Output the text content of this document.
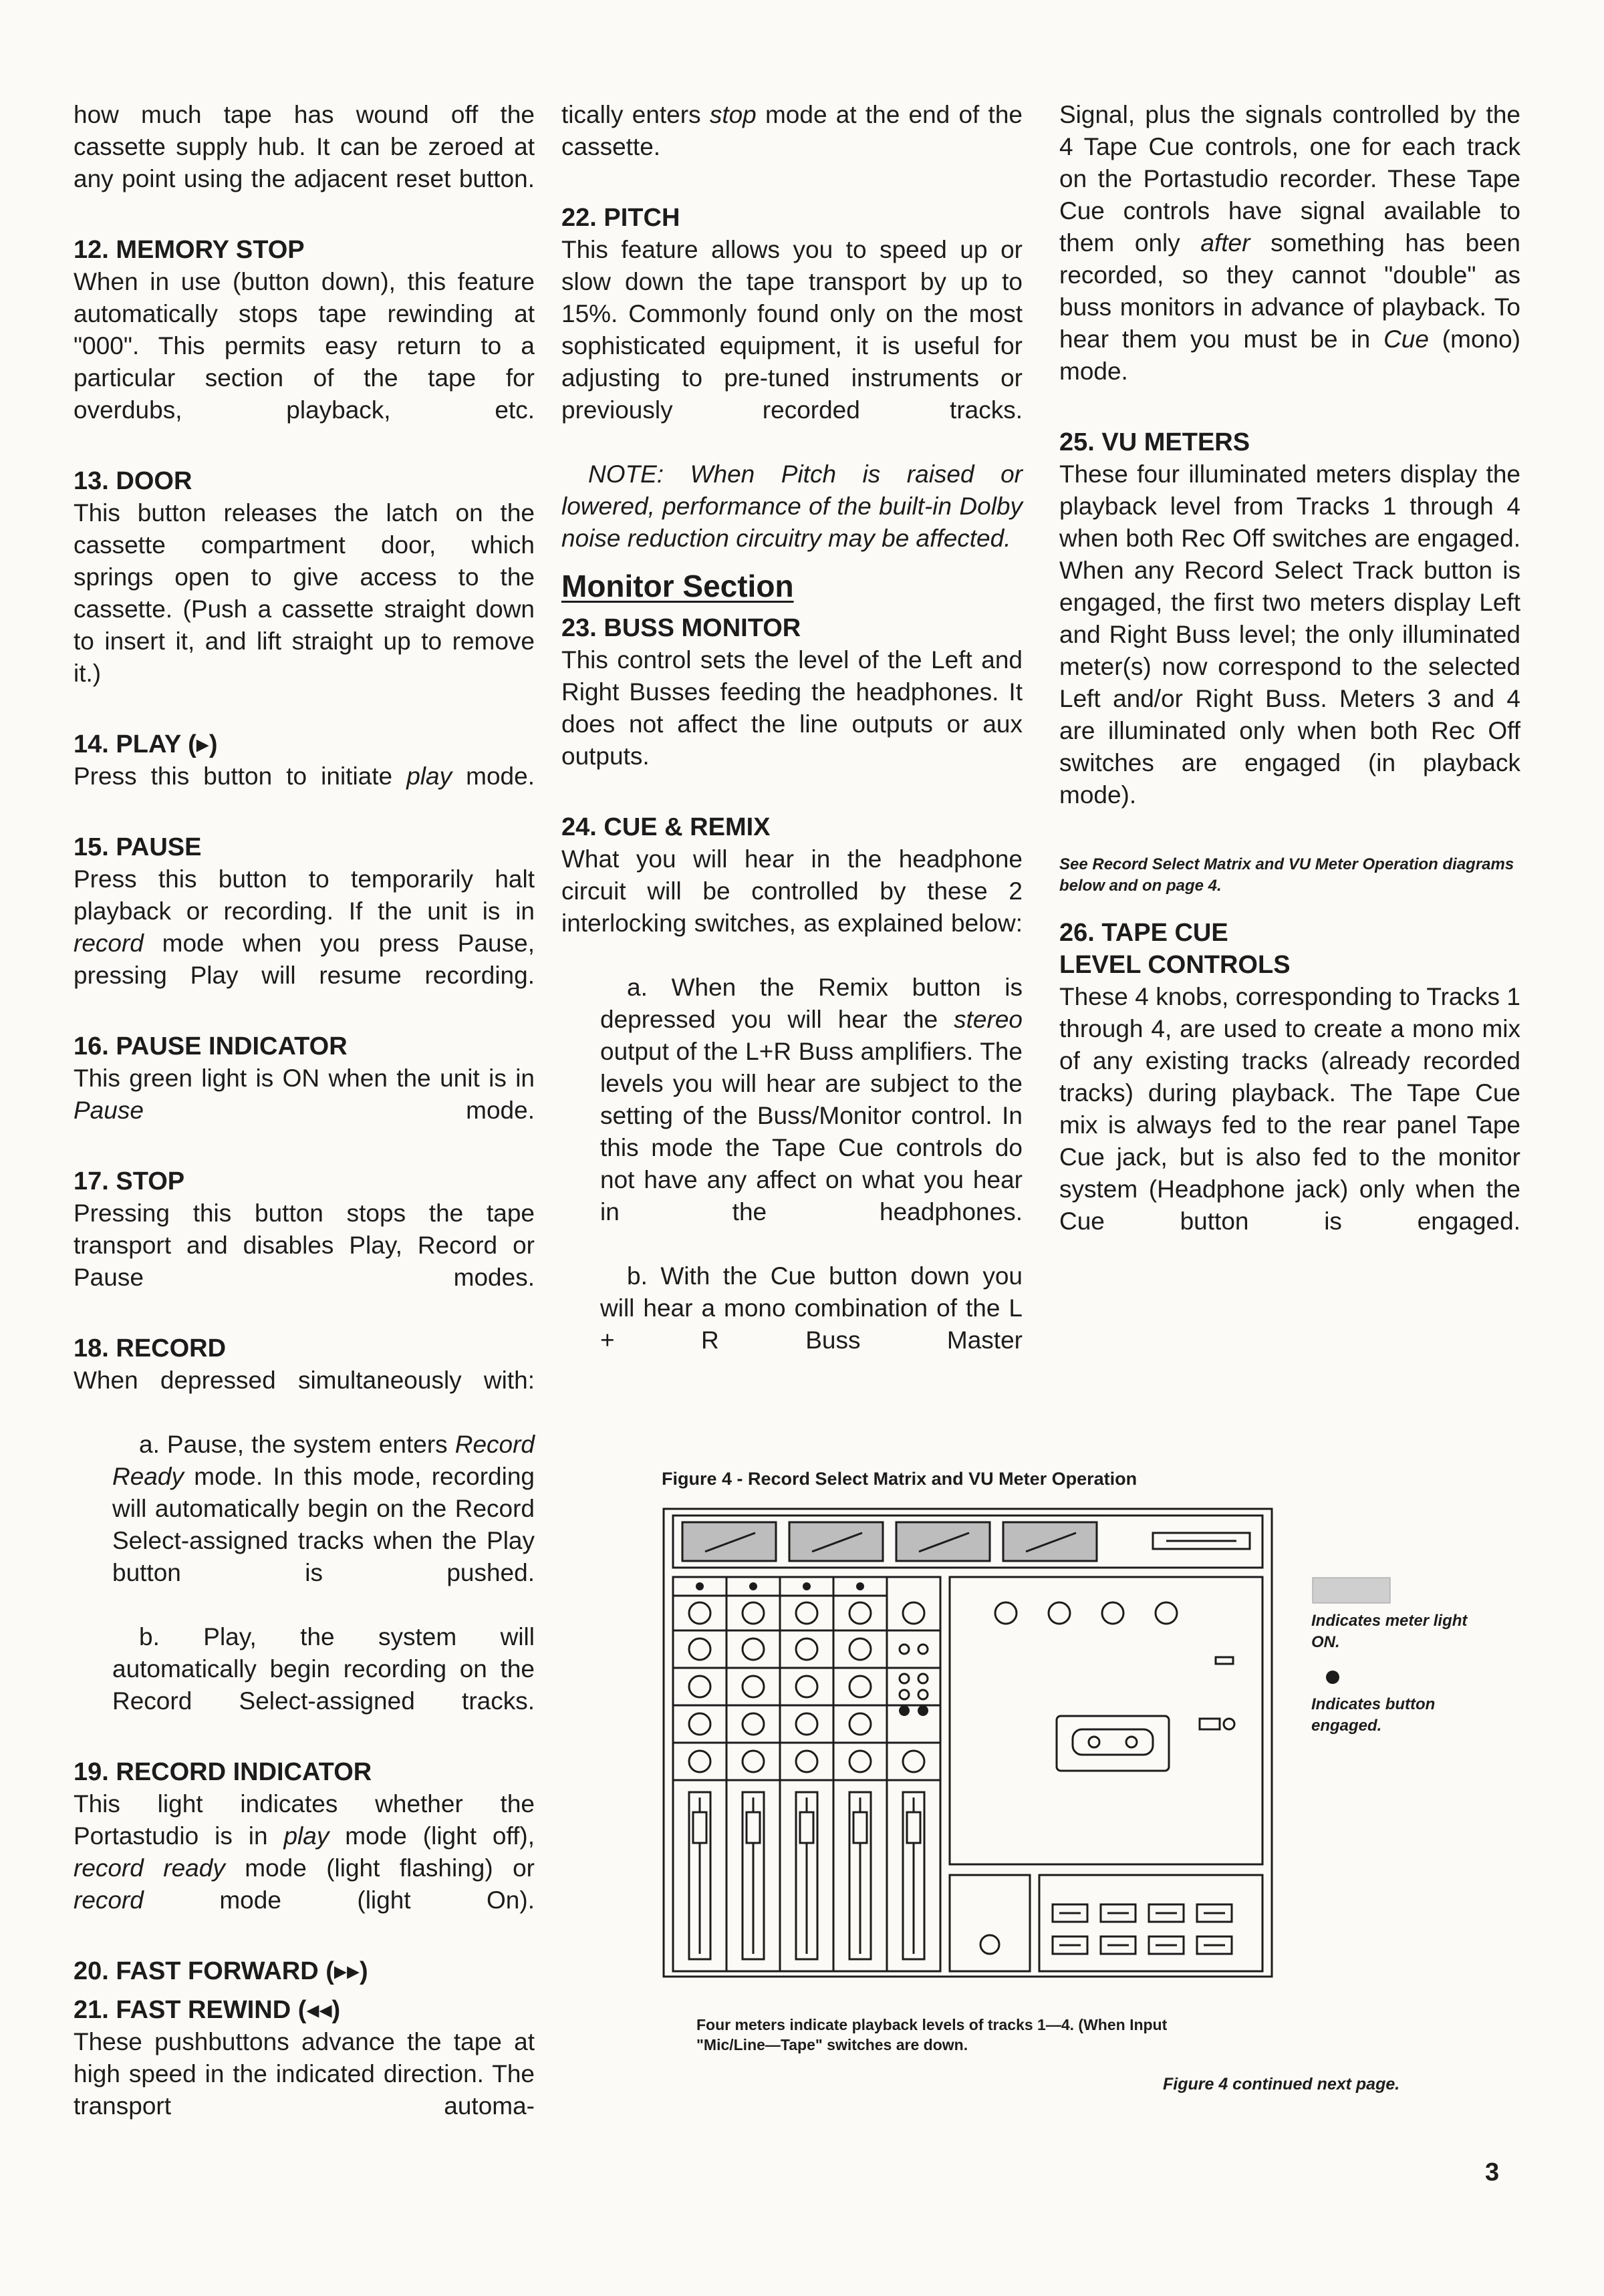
how much tape has wound off the cassette supply hub. It can be zeroed at any point using the adjacent reset button.

12. MEMORY STOP

When in use (button down), this feature automatically stops tape rewinding at "000". This permits easy return to a particular section of the tape for overdubs, playback, etc.

13. DOOR

This button releases the latch on the cassette compartment door, which springs open to give access to the cassette. (Push a cassette straight down to insert it, and lift straight up to remove it.)

14. PLAY (▸)

Press this button to initiate play mode.

15. PAUSE

Press this button to temporarily halt playback or recording. If the unit is in record mode when you press Pause, pressing Play will resume recording.

16. PAUSE INDICATOR

This green light is ON when the unit is in Pause mode.

17. STOP

Pressing this button stops the tape transport and disables Play, Record or Pause modes.

18. RECORD

When depressed simultaneously with:

a. Pause, the system enters Record Ready mode. In this mode, recording will automatically begin on the Record Select-assigned tracks when the Play button is pushed.

b. Play, the system will automatically begin recording on the Record Select-assigned tracks.

19. RECORD INDICATOR

This light indicates whether the Portastudio is in play mode (light off), record ready mode (light flashing) or record mode (light On).

20. FAST FORWARD (▸▸)

21. FAST REWIND (◂◂)

These pushbuttons advance the tape at high speed in the indicated direction. The transport automa-

tically enters stop mode at the end of the cassette.

22. PITCH

This feature allows you to speed up or slow down the tape transport by up to 15%. Commonly found only on the most sophisticated equipment, it is useful for adjusting to pre-tuned instruments or previously recorded tracks.

NOTE: When Pitch is raised or lowered, performance of the built-in Dolby noise reduction circuitry may be affected.

Monitor Section

23. BUSS MONITOR

This control sets the level of the Left and Right Busses feeding the headphones. It does not affect the line outputs or aux outputs.

24. CUE & REMIX

What you will hear in the headphone circuit will be controlled by these 2 interlocking switches, as explained below:

a. When the Remix button is depressed you will hear the stereo output of the L+R Buss amplifiers. The levels you will hear are subject to the setting of the Buss/Monitor control. In this mode the Tape Cue controls do not have any affect on what you hear in the headphones.

b. With the Cue button down you will hear a mono combination of the L + R Buss Master

Signal, plus the signals controlled by the 4 Tape Cue controls, one for each track on the Portastudio recorder. These Tape Cue controls have signal available to them only after something has been recorded, so they cannot "double" as buss monitors in advance of playback. To hear them you must be in Cue (mono) mode.

25. VU METERS

These four illuminated meters display the playback level from Tracks 1 through 4 when both Rec Off switches are engaged. When any Record Select Track button is engaged, the first two meters display Left and Right Buss level; the only illuminated meter(s) now correspond to the selected Left and/or Right Buss. Meters 3 and 4 are illuminated only when both Rec Off switches are engaged (in playback mode).

See Record Select Matrix and VU Meter Operation diagrams below and on page 4.

26. TAPE CUE

LEVEL CONTROLS

These 4 knobs, corresponding to Tracks 1 through 4, are used to create a mono mix of any existing tracks (already recorded tracks) during playback. The Tape Cue mix is always fed to the rear panel Tape Cue jack, but is also fed to the monitor system (Headphone jack) only when the Cue button is engaged.

Figure 4 - Record Select Matrix and VU Meter Operation
Indicates meter light ON.
Indicates button engaged.
Four meters indicate playback levels of tracks 1—4. (When Input "Mic/Line—Tape" switches are down.
Figure 4 continued next page.
3
